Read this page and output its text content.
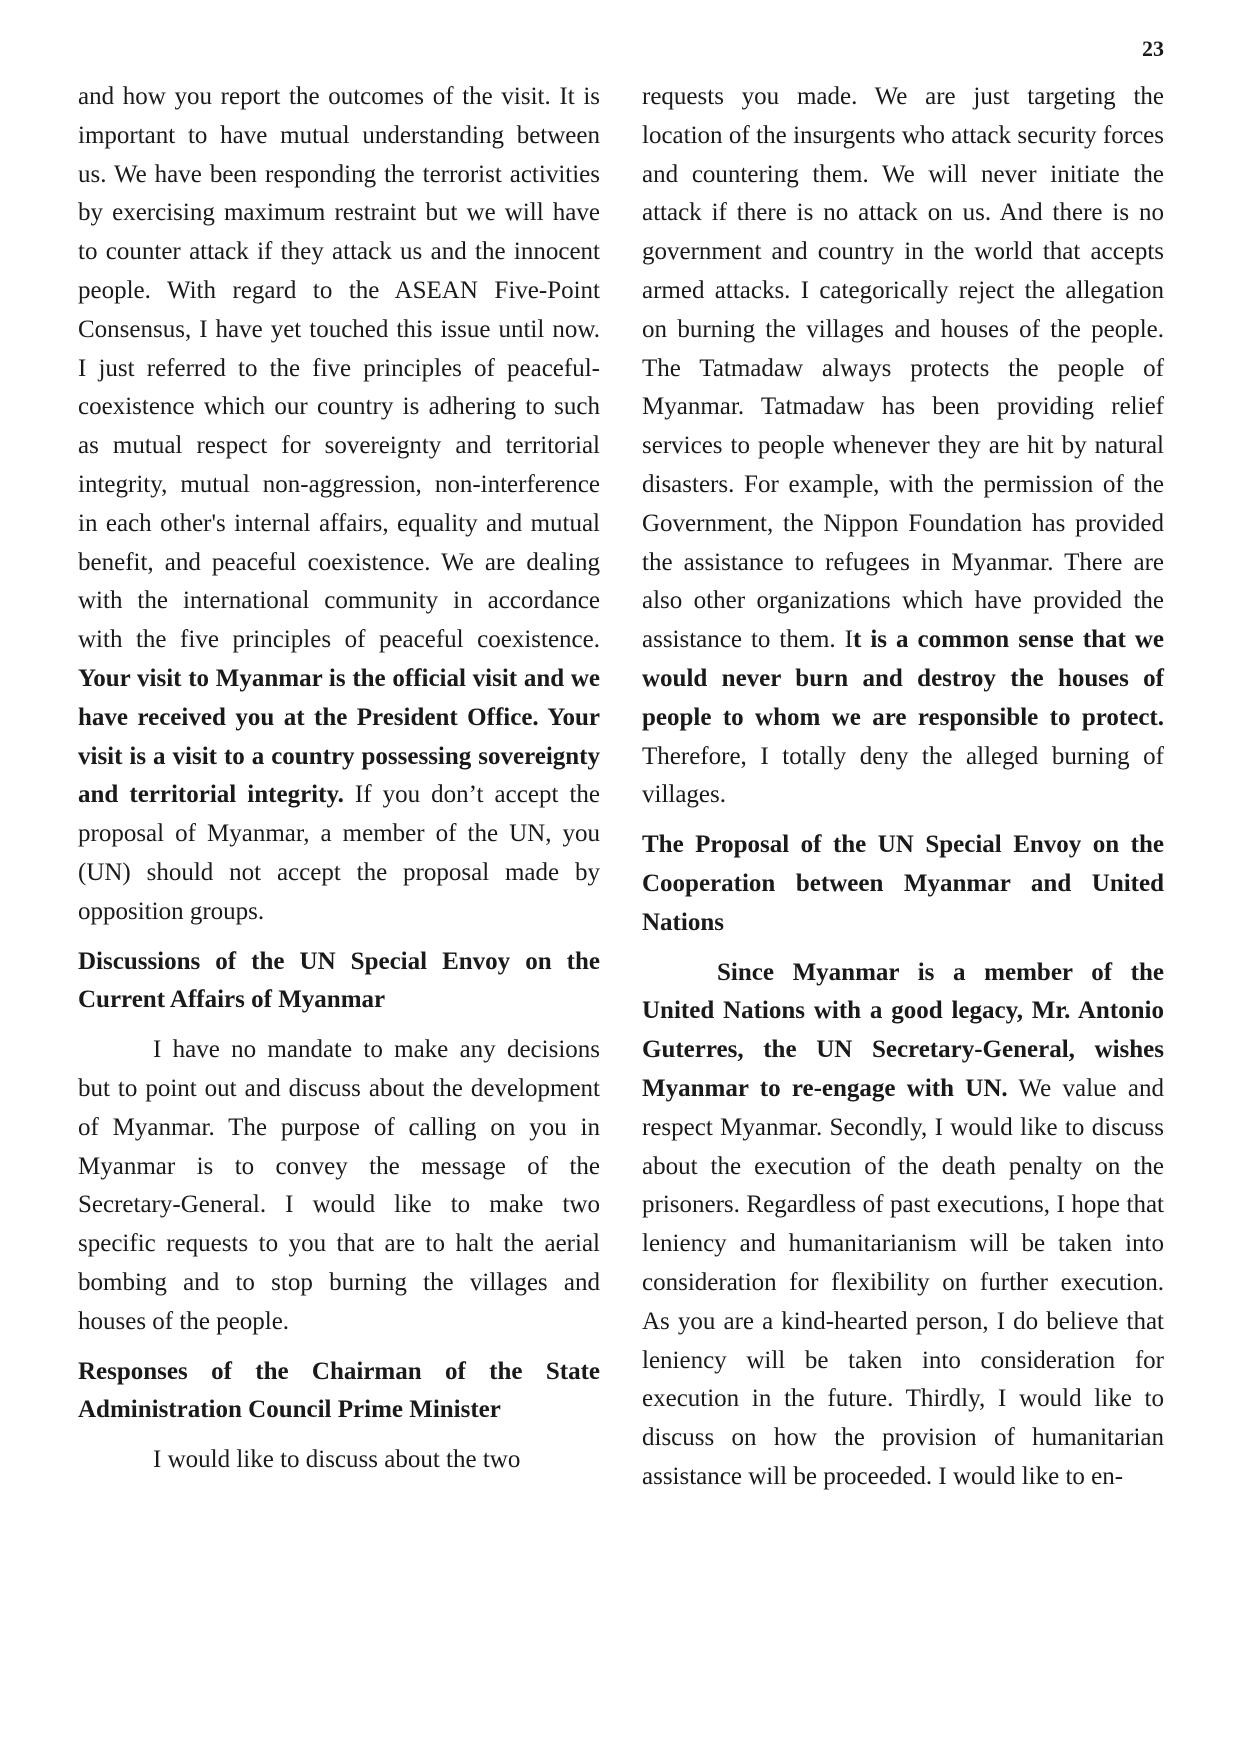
23

and how you report the outcomes of the visit. It is important to have mutual understanding between us. We have been responding the terrorist activities by exercising maximum restraint but we will have to counter attack if they attack us and the innocent people. With regard to the ASEAN Five-Point Consensus, I have yet touched this issue until now. I just referred to the five principles of peaceful-coexistence which our country is adhering to such as mutual respect for sovereignty and territorial integrity, mutual non-aggression, non-interference in each other's internal affairs, equality and mutual benefit, and peaceful coexistence. We are dealing with the international community in accordance with the five principles of peaceful coexistence. Your visit to Myanmar is the official visit and we have received you at the President Office. Your visit is a visit to a country possessing sovereignty and territorial integrity. If you don’t accept the proposal of Myanmar, a member of the UN, you (UN) should not accept the proposal made by opposition groups.

Discussions of the UN Special Envoy on the Current Affairs of Myanmar

I have no mandate to make any decisions but to point out and discuss about the development of Myanmar. The purpose of calling on you in Myanmar is to convey the message of the Secretary-General. I would like to make two specific requests to you that are to halt the aerial bombing and to stop burning the villages and houses of the people.

Responses of the Chairman of the State Administration Council Prime Minister

I would like to discuss about the two

requests you made. We are just targeting the location of the insurgents who attack security forces and countering them. We will never initiate the attack if there is no attack on us. And there is no government and country in the world that accepts armed attacks. I categorically reject the allegation on burning the villages and houses of the people. The Tatmadaw always protects the people of Myanmar. Tatmadaw has been providing relief services to people whenever they are hit by natural disasters. For example, with the permission of the Government, the Nippon Foundation has provided the assistance to refugees in Myanmar. There are also other organizations which have provided the assistance to them. It is a common sense that we would never burn and destroy the houses of people to whom we are responsible to protect. Therefore, I totally deny the alleged burning of villages.

The Proposal of the UN Special Envoy on the Cooperation between Myanmar and United Nations

Since Myanmar is a member of the United Nations with a good legacy, Mr. Antonio Guterres, the UN Secretary-General, wishes Myanmar to re-engage with UN. We value and respect Myanmar. Secondly, I would like to discuss about the execution of the death penalty on the prisoners. Regardless of past executions, I hope that leniency and humanitarianism will be taken into consideration for flexibility on further execution. As you are a kind-hearted person, I do believe that leniency will be taken into consideration for execution in the future. Thirdly, I would like to discuss on how the provision of humanitarian assistance will be proceeded. I would like to en-
